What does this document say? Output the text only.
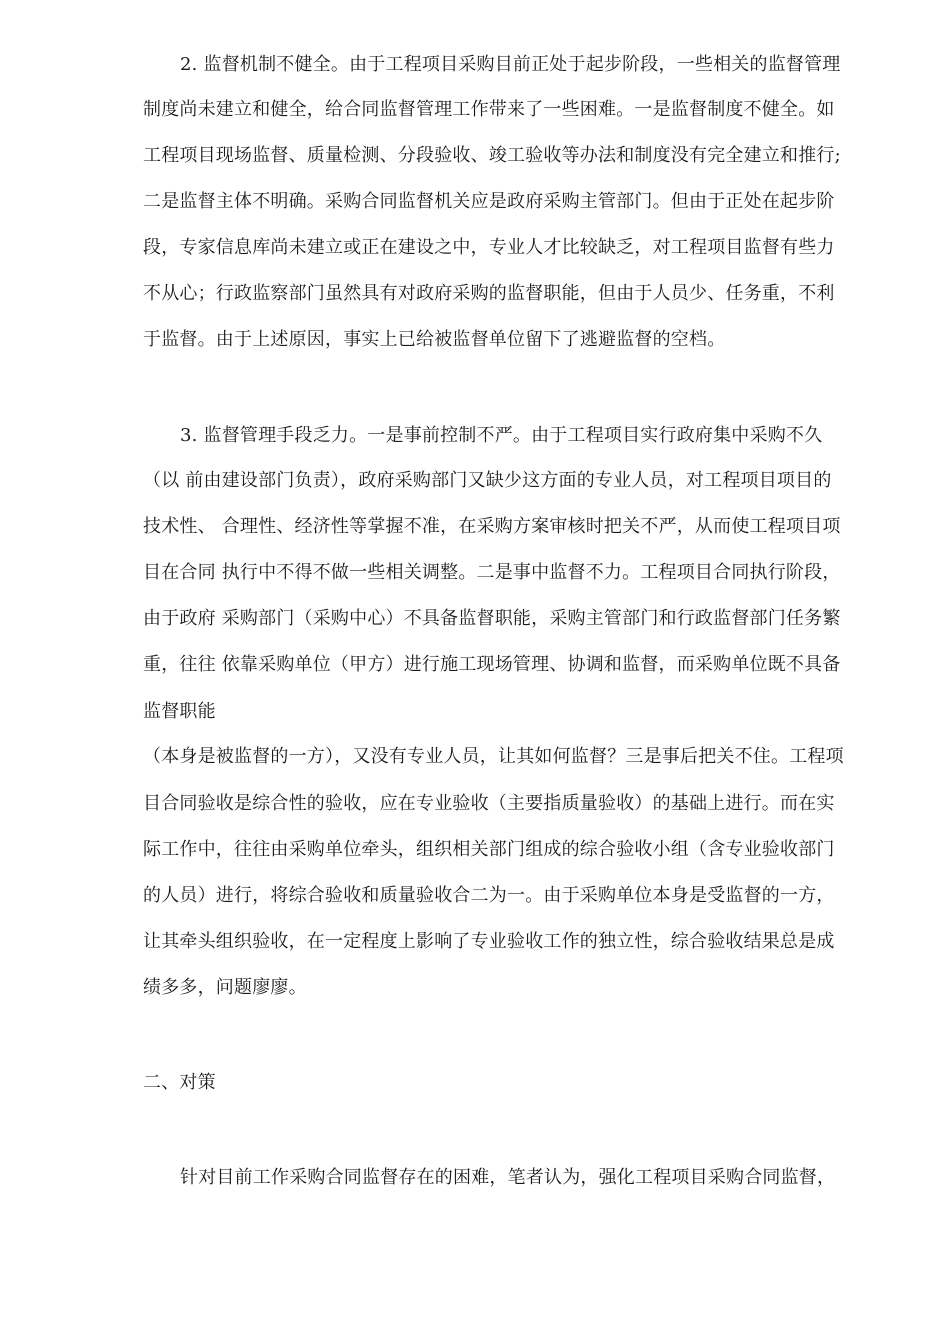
2. 监督机制不健全。由于工程项目采购目前正处于起步阶段，一些相关的监督管理
制度尚未建立和健全，给合同监督管理工作带来了一些困难。一是监督制度不健全。如
工程项目现场监督、质量检测、分段验收、竣工验收等办法和制度没有完全建立和推行;
二是监督主体不明确。采购合同监督机关应是政府采购主管部门。但由于正处在起步阶
段，专家信息库尚未建立或正在建设之中，专业人才比较缺乏，对工程项目监督有些力
不从心；行政监察部门虽然具有对政府采购的监督职能，但由于人员少、任务重，不利
于监督。由于上述原因，事实上已给被监督单位留下了逃避监督的空档。
3. 监督管理手段乏力。一是事前控制不严。由于工程项目实行政府集中采购不久
（以 前由建设部门负责），政府采购部门又缺少这方面的专业人员，对工程项目项目的
技术性、 合理性、经济性等掌握不准，在采购方案审核时把关不严，从而使工程项目项
目在合同 执行中不得不做一些相关调整。二是事中监督不力。工程项目合同执行阶段，
由于政府 采购部门（采购中心）不具备监督职能，采购主管部门和行政监督部门任务繁
重，往往 依靠采购单位（甲方）进行施工现场管理、协调和监督，而采购单位既不具备
监督职能
（本身是被监督的一方），又没有专业人员，让其如何监督？三是事后把关不住。工程项
目合同验收是综合性的验收，应在专业验收（主要指质量验收）的基础上进行。而在实
际工作中，往往由采购单位牵头，组织相关部门组成的综合验收小组（含专业验收部门
的人员）进行，将综合验收和质量验收合二为一。由于采购单位本身是受监督的一方，
让其牵头组织验收，在一定程度上影响了专业验收工作的独立性，综合验收结果总是成
绩多多，问题廖廖。
二、对策
针对目前工作采购合同监督存在的困难，笔者认为，强化工程项目采购合同监督，
